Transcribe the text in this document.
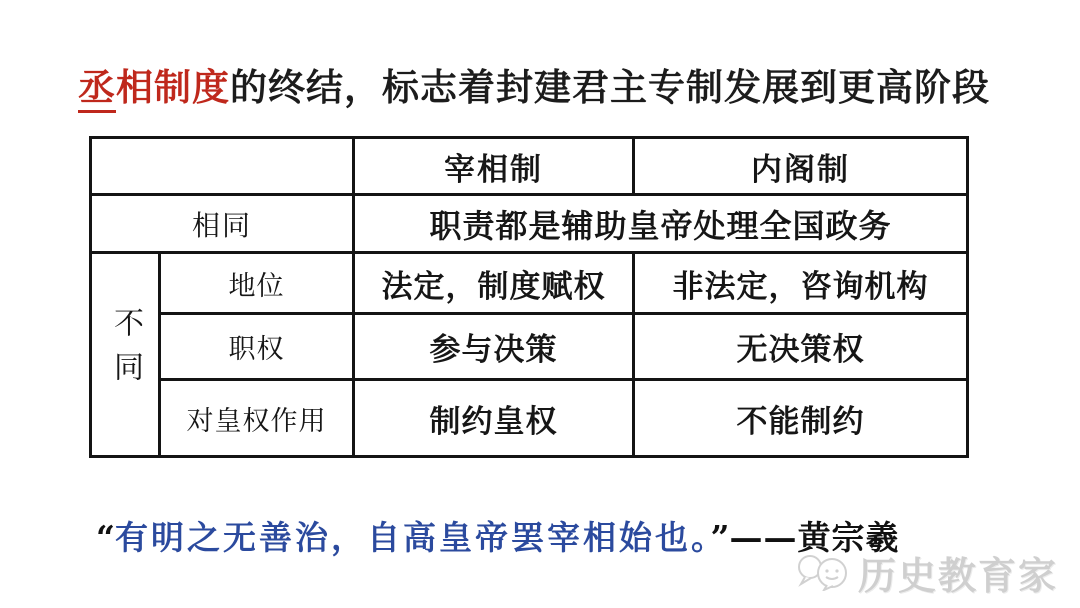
丞相制度的终结，标志着封建君主专制发展到更高阶段
		宰相制	内阁制
相同		职责都是辅助皇帝处理全国政务	
不同	地位	法定，制度赋权	非法定，咨询机构
	职权	参与决策	无决策权
	对皇权作用	制约皇权	不能制约
“有明之无善治，自高皇帝罢宰相始也。”——黄宗羲
历史教育家
